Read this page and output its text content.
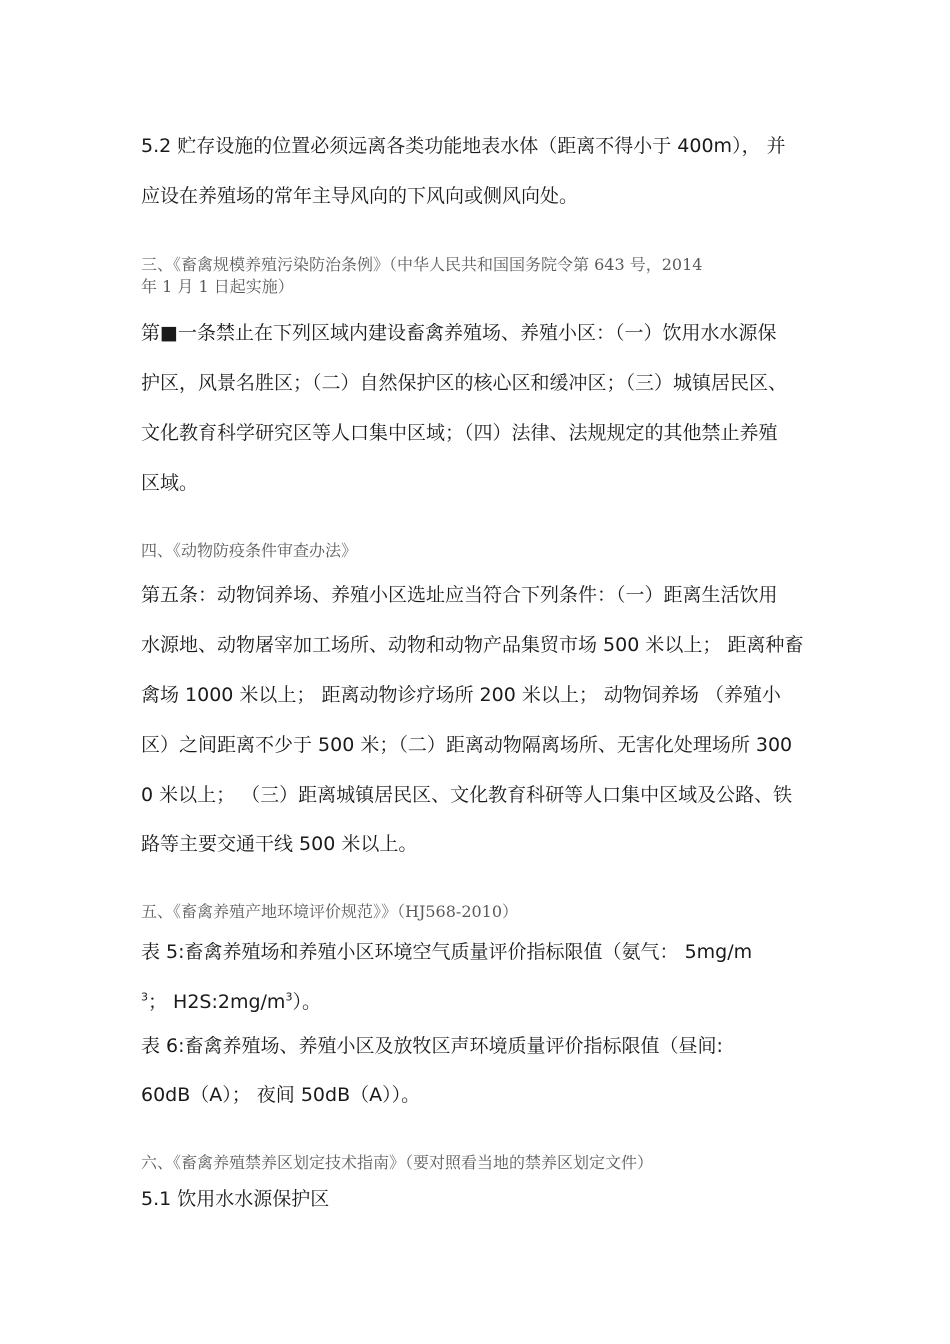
5.2 贮存设施的位置必须远离各类功能地表水体（距离不得小于 400m）， 并

应设在养殖场的常年主导风向的下风向或侧风向处。

三、《畜禽规模养殖污染防治条例》（中华人民共和国国务院令第 643 号，2014

年 1 月 1 日起实施）

第■一条禁止在下列区域内建设畜禽养殖场、养殖小区：（一）饮用水水源保

护区，风景名胜区；（二）自然保护区的核心区和缓冲区；（三）城镇居民区、

文化教育科学研究区等人口集中区域；（四）法律、法规规定的其他禁止养殖

区域。

四、《动物防疫条件审查办法》

第五条：动物饲养场、养殖小区选址应当符合下列条件：（一）距离生活饮用

水源地、动物屠宰加工场所、动物和动物产品集贸市场 500 米以上； 距离种畜

禽场 1000 米以上； 距离动物诊疗场所 200 米以上； 动物饲养场 （养殖小

区）之间距离不少于 500 米；（二）距离动物隔离场所、无害化处理场所 300

0 米以上； （三）距离城镇居民区、文化教育科研等人口集中区域及公路、铁

路等主要交通干线 500 米以上。

五、《畜禽养殖产地环境评价规范》》（HJ568-2010）

表 5:畜禽养殖场和养殖小区环境空气质量评价指标限值（氨气： 5mg/m

$^3$； $H2S:2mg/m^3$）。

表 6:畜禽养殖场、养殖小区及放牧区声环境质量评价指标限值（昼间:

60dB（A）； 夜间 50dB（A））。

六、《畜禽养殖禁养区划定技术指南》（要对照看当地的禁养区划定文件）

5.1 饮用水水源保护区
